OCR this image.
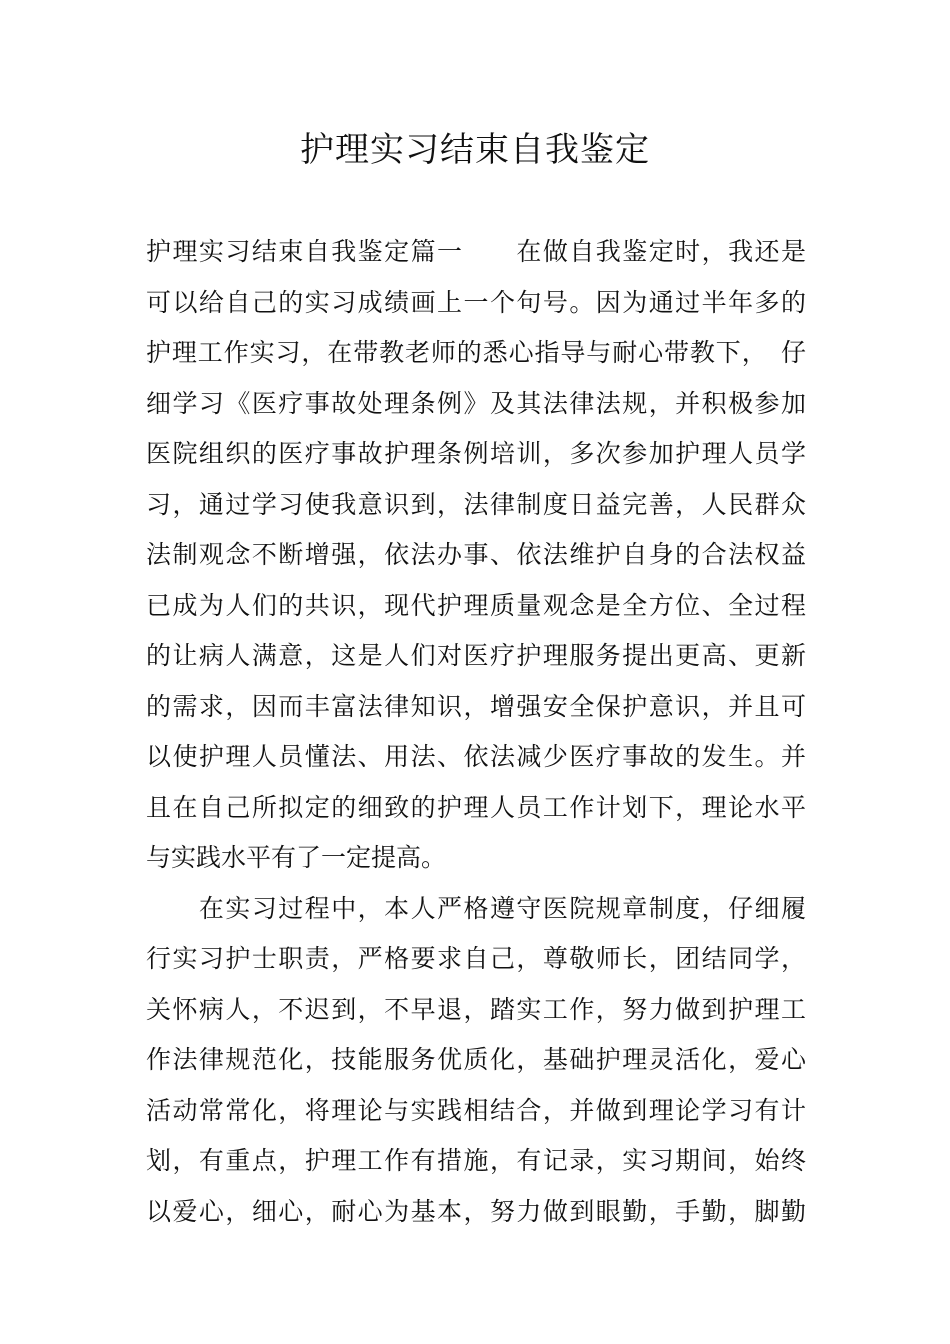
护理实习结束自我鉴定
护理实习结束自我鉴定篇一　　在做自我鉴定时，我还是
可以给自己的实习成绩画上一个句号。因为通过半年多的
护理工作实习，在带教老师的悉心指导与耐心带教下，　仔
细学习《医疗事故处理条例》及其法律法规，并积极参加
医院组织的医疗事故护理条例培训，多次参加护理人员学
习，通过学习使我意识到，法律制度日益完善，人民群众
法制观念不断增强，依法办事、依法维护自身的合法权益
已成为人们的共识，现代护理质量观念是全方位、全过程
的让病人满意，这是人们对医疗护理服务提出更高、更新
的需求，因而丰富法律知识，增强安全保护意识，并且可
以使护理人员懂法、用法、依法减少医疗事故的发生。并
且在自己所拟定的细致的护理人员工作计划下，理论水平
与实践水平有了一定提高。
　　在实习过程中，本人严格遵守医院规章制度，仔细履
行实习护士职责，严格要求自己，尊敬师长，团结同学，
关怀病人，不迟到，不早退，踏实工作，努力做到护理工
作法律规范化，技能服务优质化，基础护理灵活化，爱心
活动常常化，将理论与实践相结合，并做到理论学习有计
划，有重点，护理工作有措施，有记录，实习期间，始终
以爱心，细心，耐心为基本，努力做到眼勤，手勤，脚勤
